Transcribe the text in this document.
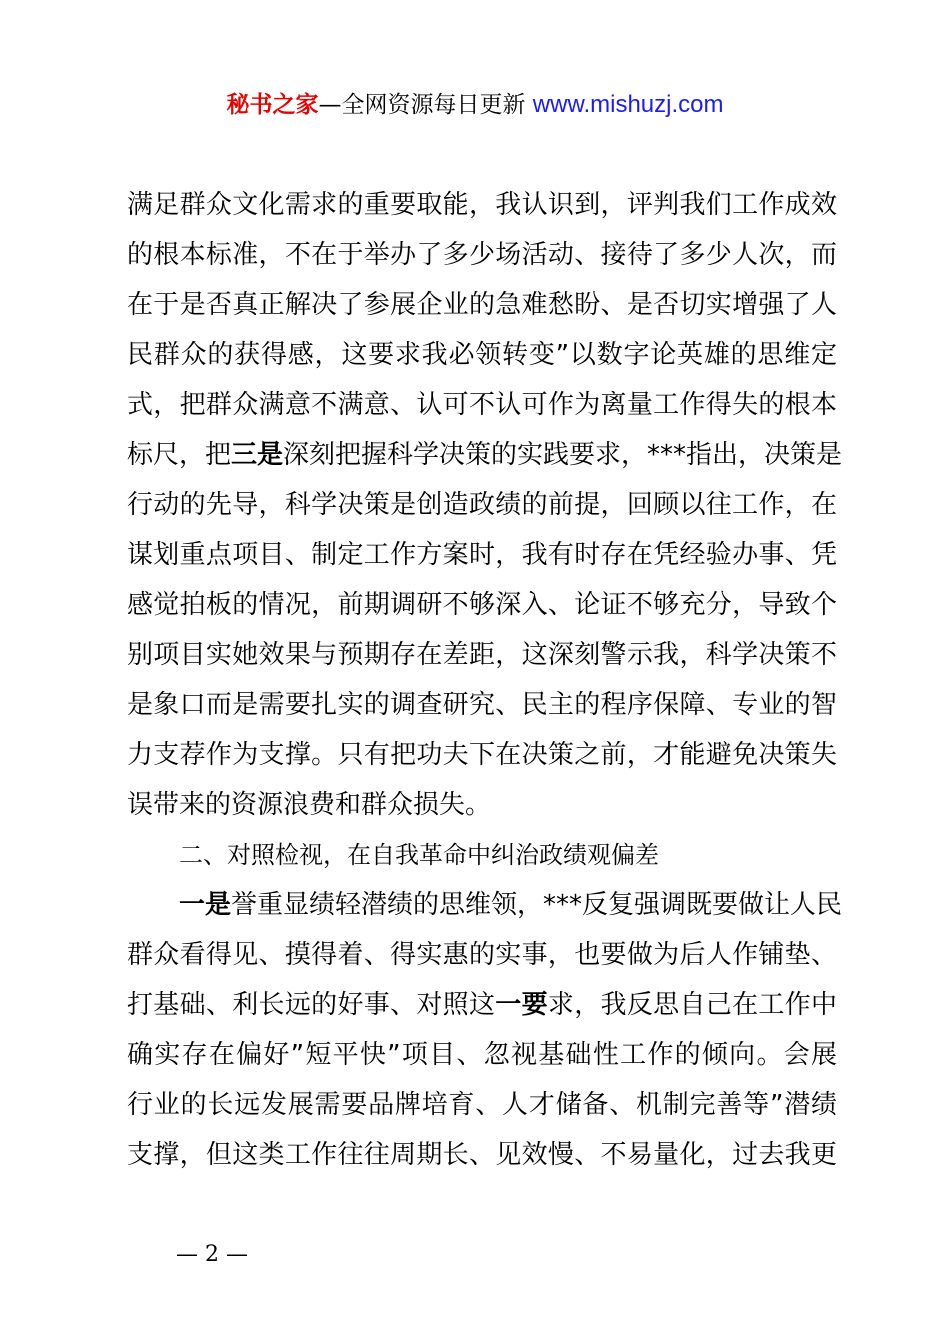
秘书之家—全网资源每日更新 www.mishuzj.com
满足群众文化需求的重要取能，我认识到，评判我们工作成效
的根本标准，不在于举办了多少场活动、接待了多少人次，而
在于是否真正解决了参展企业的急难愁盼、是否切实增强了人
民群众的获得感，这要求我必领转变”以数字论英雄的思维定
式，把群众满意不满意、认可不认可作为离量工作得失的根本
标尺，把三是深刻把握科学决策的实践要求，***指出，决策是
行动的先导，科学决策是创造政绩的前提，回顾以往工作，在
谋划重点项目、制定工作方案时，我有时存在凭经验办事、凭
感觉拍板的情况，前期调研不够深入、论证不够充分，导致个
别项目实她效果与预期存在差距，这深刻警示我，科学决策不
是象口而是需要扎实的调查研究、民主的程序保障、专业的智
力支荐作为支撑。只有把功夫下在决策之前，才能避免决策失
误带来的资源浪费和群众损失。
二、对照检视，在自我革命中纠治政绩观偏差
一是誉重显绩轻潜绩的思维领，***反复强调既要做让人民
群众看得见、摸得着、得实惠的实事，也要做为后人作铺垫、
打基础、利长远的好事、对照这一要求，我反思自己在工作中
确实存在偏好”短平快”项目、忽视基础性工作的倾向。会展
行业的长远发展需要品牌培育、人才储备、机制完善等”潜绩
支撑，但这类工作往往周期长、见效慢、不易量化，过去我更
— 2 —
